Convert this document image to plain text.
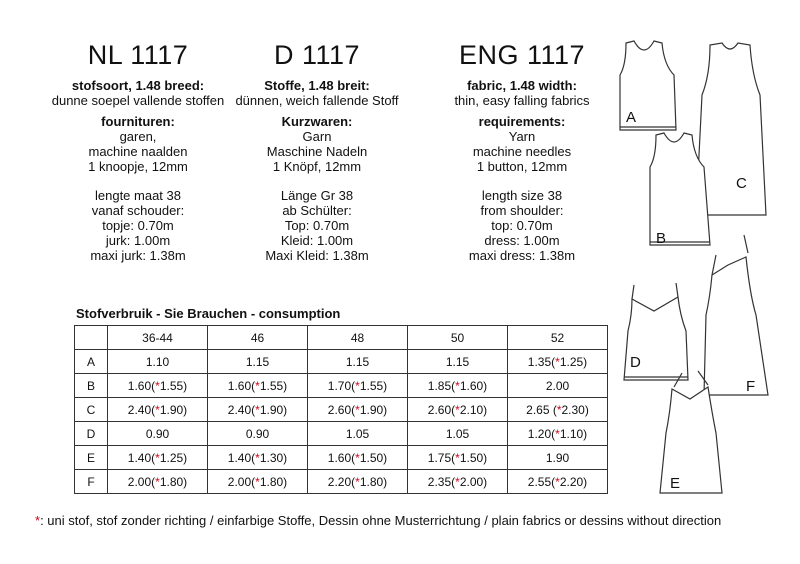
NL 1117
stofsoort, 1.48 breed:
dunne soepel vallende stoffen
fournituren:
garen,
machine naalden
1 knoopje, 12mm
lengte maat 38
vanaf schouder:
topje: 0.70m
jurk: 1.00m
maxi jurk: 1.38m
D 1117
Stoffe, 1.48 breit:
dünnen, weich fallende Stoff
Kurzwaren:
Garn
Maschine Nadeln
1 Knöpf, 12mm
Länge Gr 38
ab Schülter:
Top: 0.70m
Kleid: 1.00m
Maxi Kleid: 1.38m
ENG 1117
fabric, 1.48 width:
thin, easy falling fabrics
requirements:
Yarn
machine needles
1 button, 12mm
length size 38
from shoulder:
top: 0.70m
dress: 1.00m
maxi dress: 1.38m
Stofverbruik - Sie Brauchen - consumption
	36-44	46	48	50	52
A	1.10	1.15	1.15	1.15	1.35(*1.25)
B	1.60(*1.55)	1.60(*1.55)	1.70(*1.55)	1.85(*1.60)	2.00
C	2.40(*1.90)	2.40(*1.90)	2.60(*1.90)	2.60(*2.10)	2.65 (*2.30)
D	0.90	0.90	1.05	1.05	1.20(*1.10)
E	1.40(*1.25)	1.40(*1.30)	1.60(*1.50)	1.75(*1.50)	1.90
F	2.00(*1.80)	2.00(*1.80)	2.20(*1.80)	2.35(*2.00)	2.55(*2.20)
*: uni stof, stof zonder richting / einfarbige Stoffe, Dessin ohne Musterrichtung / plain fabrics or dessins without direction
C
A
B
F
D
E
